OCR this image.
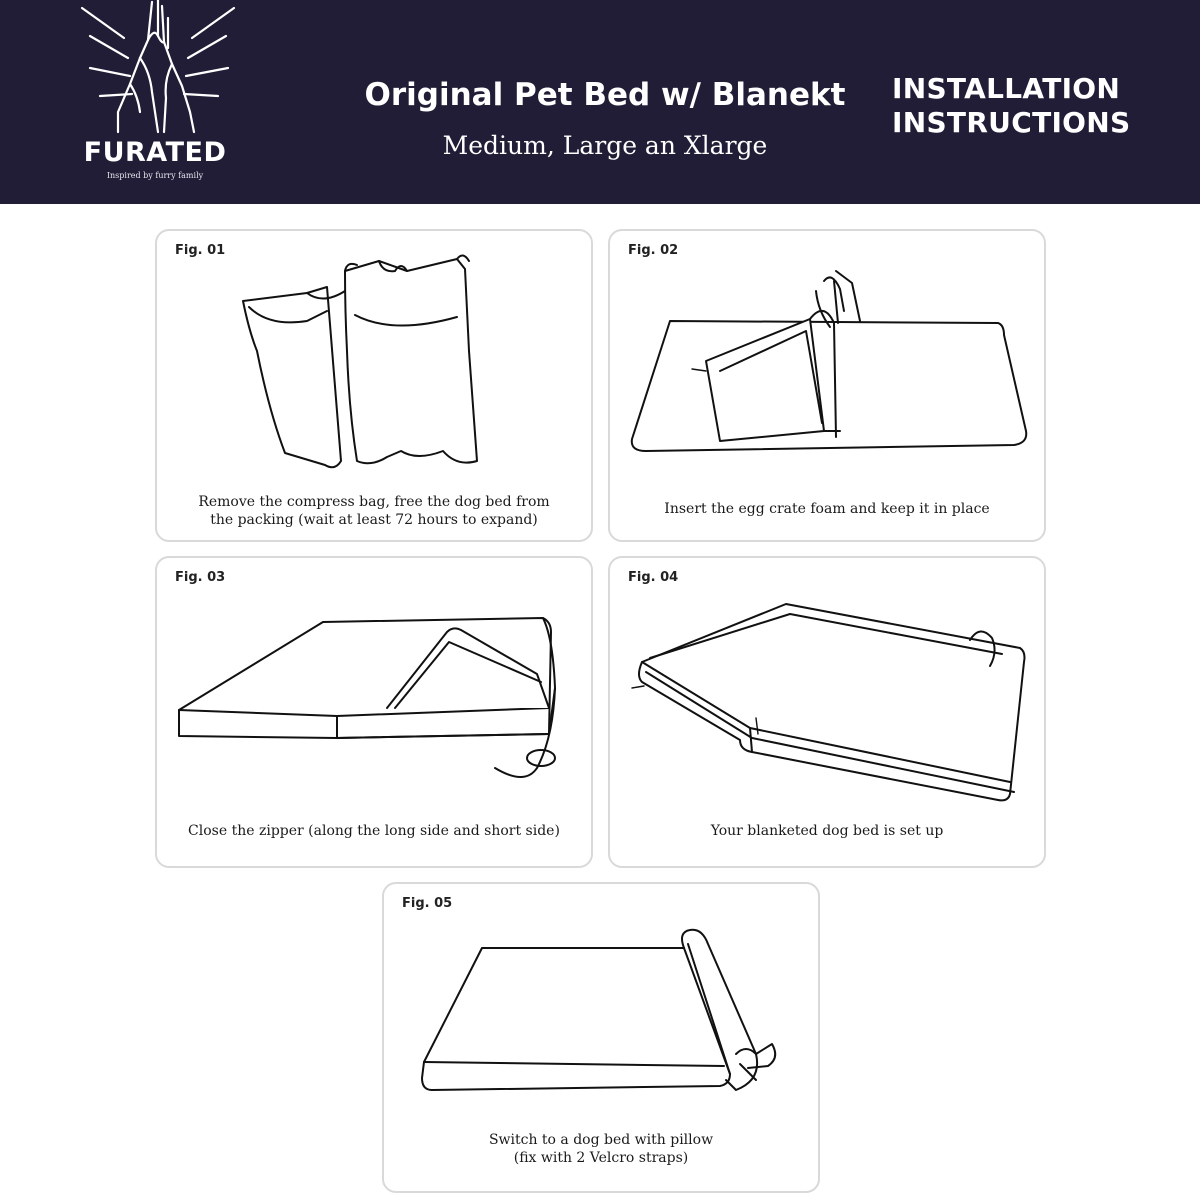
FURATED
Inspired by furry family
Original Pet Bed w/ Blanekt
Medium, Large an Xlarge
INSTALLATION
INSTRUCTIONS
Fig. 01
Remove the compress bag, free the dog bed from
the packing (wait at least 72 hours to expand)
Fig. 02
Insert the egg crate foam and keep it in place
Fig. 03
Close the zipper (along the long side and short side)
Fig. 04
Your blanketed dog bed is set up
Fig. 05
Switch to a dog bed with pillow
(fix with 2 Velcro straps)
